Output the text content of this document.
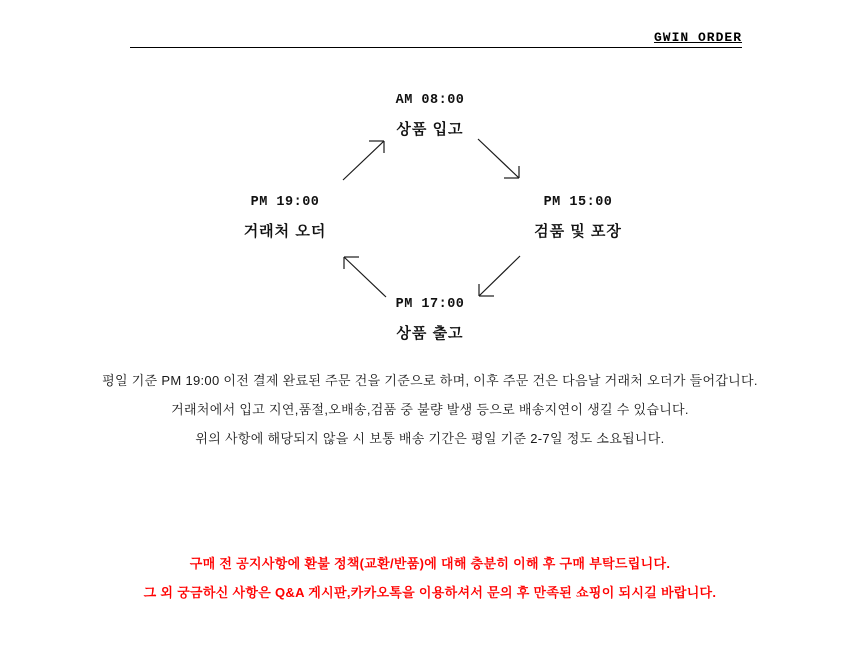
GWIN ORDER
AM 08:00
상품 입고
PM 15:00
검품 및 포장
PM 17:00
상품 출고
PM 19:00
거래처 오더

평일 기준 PM 19:00 이전 결제 완료된 주문 건을 기준으로 하며, 이후 주문 건은 다음날 거래처 오더가 들어갑니다.

거래처에서 입고 지연,품절,오배송,검품 중 불량 발생 등으로 배송지연이 생길 수 있습니다.

위의 사항에 해당되지 않을 시 보통 배송 기간은 평일 기준 2-7일 정도 소요됩니다.

구매 전 공지사항에 환불 정책(교환/반품)에 대해 충분히 이해 후 구매 부탁드립니다.

그 외 궁금하신 사항은 Q&A 게시판,카카오톡을 이용하셔서 문의 후 만족된 쇼핑이 되시길 바랍니다.
